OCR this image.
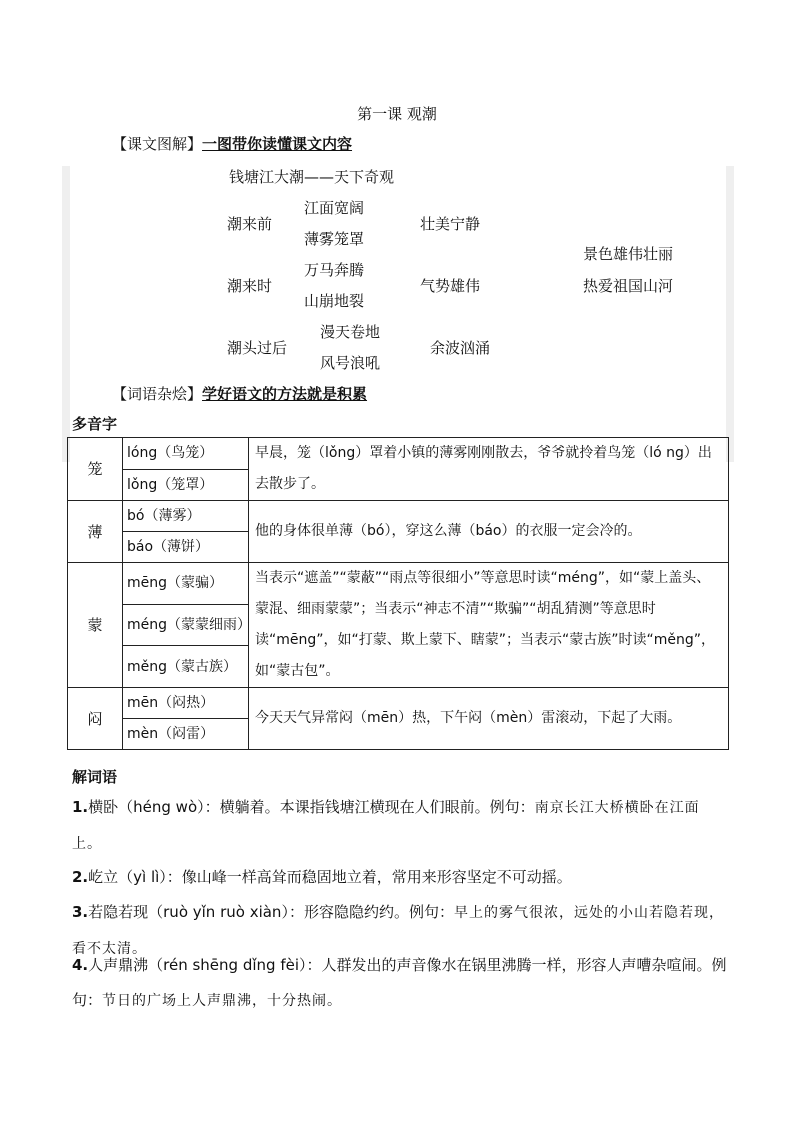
第一课 观潮
【课文图解】一图带你读懂课文内容
钱塘江大潮——天下奇观
潮来前
江面宽阔
薄雾笼罩
壮美宁静
潮来时
万马奔腾
山崩地裂
气势雄伟
潮头过后
漫天卷地
风号浪吼
余波汹涌
景色雄伟壮丽
热爱祖国山河
【词语杂烩】学好语文的方法就是积累
多音字
笼	lóng（鸟笼）	早晨，笼（lǒng）罩着小镇的薄雾刚刚散去，爷爷就拎着鸟笼（ló ng）出去散步了。
	lǒng（笼罩）	
薄	bó（薄雾）	他的身体很单薄（bó），穿这么薄（báo）的衣服一定会冷的。
	báo（薄饼）	
蒙	mēng（蒙骗）	当表示“遮盖”“蒙蔽”“雨点等很细小”等意思时读“méng”，如“蒙上盖头、蒙混、细雨蒙蒙”；当表示“神志不清”“欺骗”“胡乱猜测”等意思时读“mēng”，如“打蒙、欺上蒙下、瞎蒙”；当表示“蒙古族”时读“měng”，如“蒙古包”。
	méng（蒙蒙细雨）	
	měng（蒙古族）	
闷	mēn（闷热）	今天天气异常闷（mēn）热，下午闷（mèn）雷滚动，下起了大雨。
	mèn（闷雷）	
解词语
1.横卧（héng wò）：横躺着。本课指钱塘江横现在人们眼前。例句：南京长江大桥横卧在江面上。
2.屹立（yì lì）：像山峰一样高耸而稳固地立着，常用来形容坚定不可动摇。
3.若隐若现（ruò yǐn ruò xiàn）：形容隐隐约约。例句：早上的雾气很浓，远处的小山若隐若现，看不太清。
4.人声鼎沸（rén shēng dǐng fèi）：人群发出的声音像水在锅里沸腾一样，形容人声嘈杂喧闹。例句：节日的广场上人声鼎沸，十分热闹。
